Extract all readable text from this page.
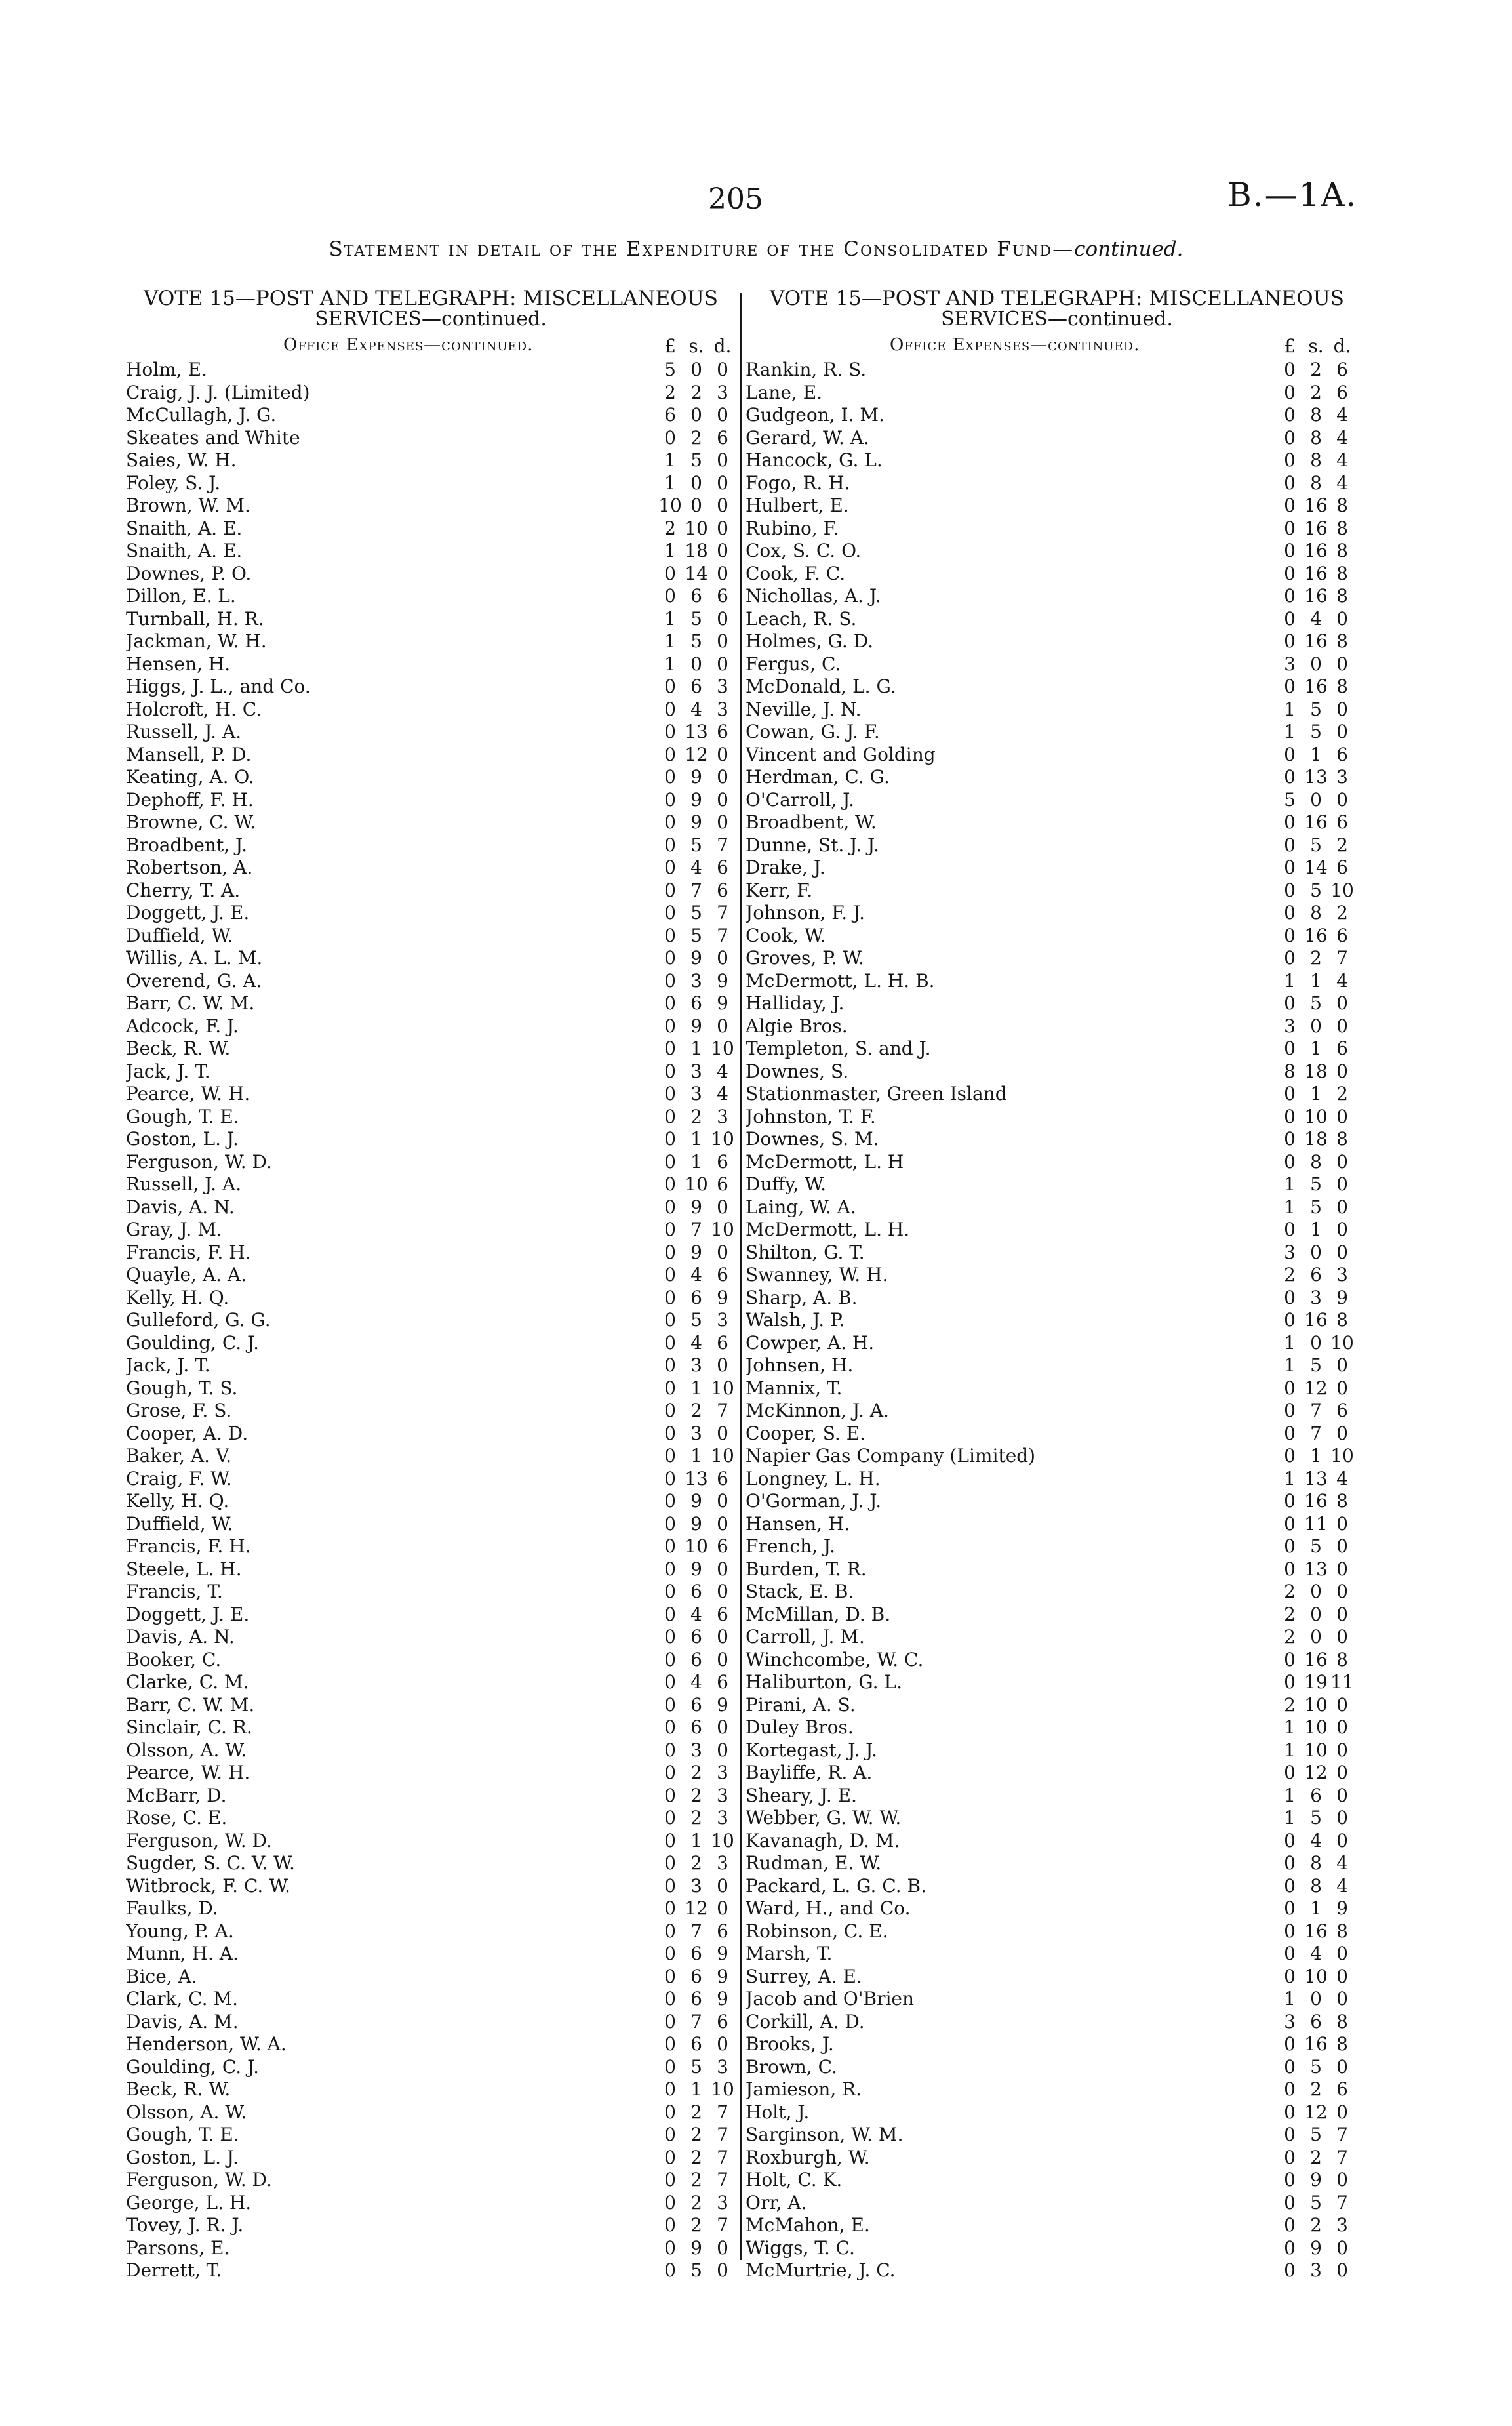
205	B.—1A.
Statement in detail of the Expenditure of the Consolidated Fund—continued.
VOTE 15—POST AND TELEGRAPH: MISCELLANEOUS
SERVICES—continued.
Office Expenses—continued.	£ s. d.
Holm, E.	5 0 0
Craig, J. J. (Limited)	2 2 3
McCullagh, J. G.	6 0 0
Skeates and White	0 2 6
Saies, W. H.	1 5 0
Foley, S. J.	1 0 0
Brown, W. M.	10 0 0
Snaith, A. E.	2 10 0
Snaith, A. E.	1 18 0
Downes, P. O.	0 14 0
Dillon, E. L.	0 6 6
Turnball, H. R.	1 5 0
Jackman, W. H.	1 5 0
Hensen, H.	1 0 0
Higgs, J. L., and Co.	0 6 3
Holcroft, H. C.	0 4 3
Russell, J. A.	0 13 6
Mansell, P. D.	0 12 0
Keating, A. O.	0 9 0
Dephoff, F. H.	0 9 0
Browne, C. W.	0 9 0
Broadbent, J.	0 5 7
Robertson, A.	0 4 6
Cherry, T. A.	0 7 6
Doggett, J. E.	0 5 7
Duffield, W.	0 5 7
Willis, A. L. M.	0 9 0
Overend, G. A.	0 3 9
Barr, C. W. M.	0 6 9
Adcock, F. J.	0 9 0
Beck, R. W.	0 1 10
Jack, J. T.	0 3 4
Pearce, W. H.	0 3 4
Gough, T. E.	0 2 3
Goston, L. J.	0 1 10
Ferguson, W. D.	0 1 6
Russell, J. A.	0 10 6
Davis, A. N.	0 9 0
Gray, J. M.	0 7 10
Francis, F. H.	0 9 0
Quayle, A. A.	0 4 6
Kelly, H. Q.	0 6 9
Gulleford, G. G.	0 5 3
Goulding, C. J.	0 4 6
Jack, J. T.	0 3 0
Gough, T. S.	0 1 10
Grose, F. S.	0 2 7
Cooper, A. D.	0 3 0
Baker, A. V.	0 1 10
Craig, F. W.	0 13 6
Kelly, H. Q.	0 9 0
Duffield, W.	0 9 0
Francis, F. H.	0 10 6
Steele, L. H.	0 9 0
Francis, T.	0 6 0
Doggett, J. E.	0 4 6
Davis, A. N.	0 6 0
Booker, C.	0 6 0
Clarke, C. M.	0 4 6
Barr, C. W. M.	0 6 9
Sinclair, C. R.	0 6 0
Olsson, A. W.	0 3 0
Pearce, W. H.	0 2 3
McBarr, D.	0 2 3
Rose, C. E.	0 2 3
Ferguson, W. D.	0 1 10
Sugder, S. C. V. W.	0 2 3
Witbrock, F. C. W.	0 3 0
Faulks, D.	0 12 0
Young, P. A.	0 7 6
Munn, H. A.	0 6 9
Bice, A.	0 6 9
Clark, C. M.	0 6 9
Davis, A. M.	0 7 6
Henderson, W. A.	0 6 0
Goulding, C. J.	0 5 3
Beck, R. W.	0 1 10
Olsson, A. W.	0 2 7
Gough, T. E.	0 2 7
Goston, L. J.	0 2 7
Ferguson, W. D.	0 2 7
George, L. H.	0 2 3
Tovey, J. R. J.	0 2 7
Parsons, E.	0 9 0
Derrett, T.	0 5 0
VOTE 15—POST AND TELEGRAPH: MISCELLANEOUS
SERVICES—continued.
Office Expenses—continued.	£ s. d.
Rankin, R. S.	0 2 6
Lane, E.	0 2 6
Gudgeon, I. M.	0 8 4
Gerard, W. A.	0 8 4
Hancock, G. L.	0 8 4
Fogo, R. H.	0 8 4
Hulbert, E.	0 16 8
Rubino, F.	0 16 8
Cox, S. C. O.	0 16 8
Cook, F. C.	0 16 8
Nichollas, A. J.	0 16 8
Leach, R. S.	0 4 0
Holmes, G. D.	0 16 8
Fergus, C.	3 0 0
McDonald, L. G.	0 16 8
Neville, J. N.	1 5 0
Cowan, G. J. F.	1 5 0
Vincent and Golding	0 1 6
Herdman, C. G.	0 13 3
O'Carroll, J.	5 0 0
Broadbent, W.	0 16 6
Dunne, St. J. J.	0 5 2
Drake, J.	0 14 6
Kerr, F.	0 5 10
Johnson, F. J.	0 8 2
Cook, W.	0 16 6
Groves, P. W.	0 2 7
McDermott, L. H. B.	1 1 4
Halliday, J.	0 5 0
Algie Bros.	3 0 0
Templeton, S. and J.	0 1 6
Downes, S.	8 18 0
Stationmaster, Green Island	0 1 2
Johnston, T. F.	0 10 0
Downes, S. M.	0 18 8
McDermott, L. H	0 8 0
Duffy, W.	1 5 0
Laing, W. A.	1 5 0
McDermott, L. H.	0 1 0
Shilton, G. T.	3 0 0
Swanney, W. H.	2 6 3
Sharp, A. B.	0 3 9
Walsh, J. P.	0 16 8
Cowper, A. H.	1 0 10
Johnsen, H.	1 5 0
Mannix, T.	0 12 0
McKinnon, J. A.	0 7 6
Cooper, S. E.	0 7 0
Napier Gas Company (Limited)	0 1 10
Longney, L. H.	1 13 4
O'Gorman, J. J.	0 16 8
Hansen, H.	0 11 0
French, J.	0 5 0
Burden, T. R.	0 13 0
Stack, E. B.	2 0 0
McMillan, D. B.	2 0 0
Carroll, J. M.	2 0 0
Winchcombe, W. C.	0 16 8
Haliburton, G. L.	0 19 11
Pirani, A. S.	2 10 0
Duley Bros.	1 10 0
Kortegast, J. J.	1 10 0
Bayliffe, R. A.	0 12 0
Sheary, J. E.	1 6 0
Webber, G. W. W.	1 5 0
Kavanagh, D. M.	0 4 0
Rudman, E. W.	0 8 4
Packard, L. G. C. B.	0 8 4
Ward, H., and Co.	0 1 9
Robinson, C. E.	0 16 8
Marsh, T.	0 4 0
Surrey, A. E.	0 10 0
Jacob and O'Brien	1 0 0
Corkill, A. D.	3 6 8
Brooks, J.	0 16 8
Brown, C.	0 5 0
Jamieson, R.	0 2 6
Holt, J.	0 12 0
Sarginson, W. M.	0 5 7
Roxburgh, W.	0 2 7
Holt, C. K.	0 9 0
Orr, A.	0 5 7
McMahon, E.	0 2 3
Wiggs, T. C.	0 9 0
McMurtrie, J. C.	0 3 0
